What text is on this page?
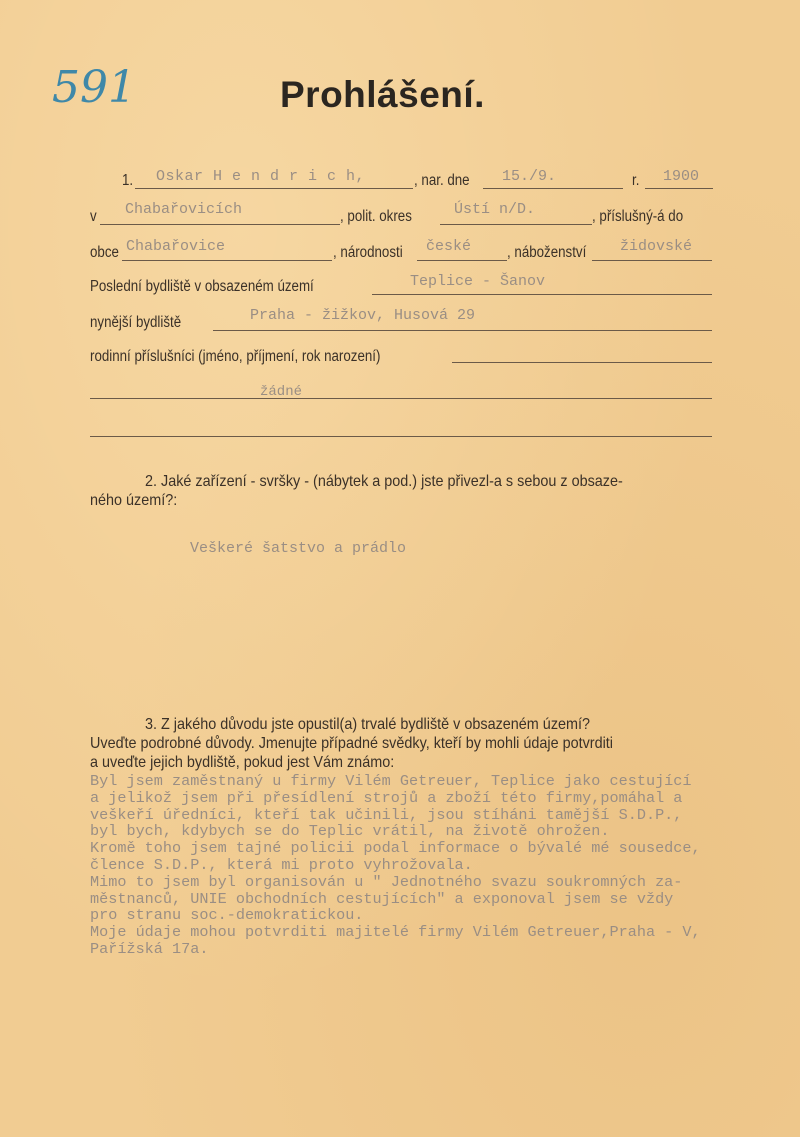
591	Prohlášení.
1. Oskar H e n d r i c h,	, nar. dne 15./9.	r. 1900
v Chabařovicích	, polit. okres	Ústí n/D.	, příslušný-á do
obce Chabařovice	, národnosti české , náboženství židovské
Poslední bydliště v obsazeném území	Teplice - Šanov
nynější bydliště	Praha - žižkov, Husová 29
rodinní příslušníci (jméno, příjmení, rok narození)
žádné
2. Jaké zařízení - svršky - (nábytek a pod.) jste přivezl-a s sebou z obsaze-
ného území?:
Veškeré šatstvo a prádlo
3. Z jakého důvodu jste opustil(a) trvalé bydliště v obsazeném území?
Uveďte podrobné důvody. Jmenujte případné svědky, kteří by mohli údaje potvrditi
a uveďte jejich bydliště, pokud jest Vám známo:
Byl jsem zaměstnaný u firmy Vilém Getreuer, Teplice jako cestující
a jelikož jsem při přesídlení strojů a zboží této firmy,pomáhal a
veškeří úředníci, kteří tak učinili, jsou stíháni tamější S.D.P.,
byl bych, kdybych se do Teplic vrátil, na životě ohrožen.
Kromě toho jsem tajné policii podal informace o bývalé mé sousedce,
člence S.D.P., která mi proto vyhrožovala.
Mimo to jsem byl organisován u " Jednotného svazu soukromných za-
městnanců, UNIE obchodních cestujících" a exponoval jsem se vždy
pro stranu soc.-demokratickou.
Moje údaje mohou potvrditi majitelé firmy Vilém Getreuer,Praha - V,
Pařížská 17a.
